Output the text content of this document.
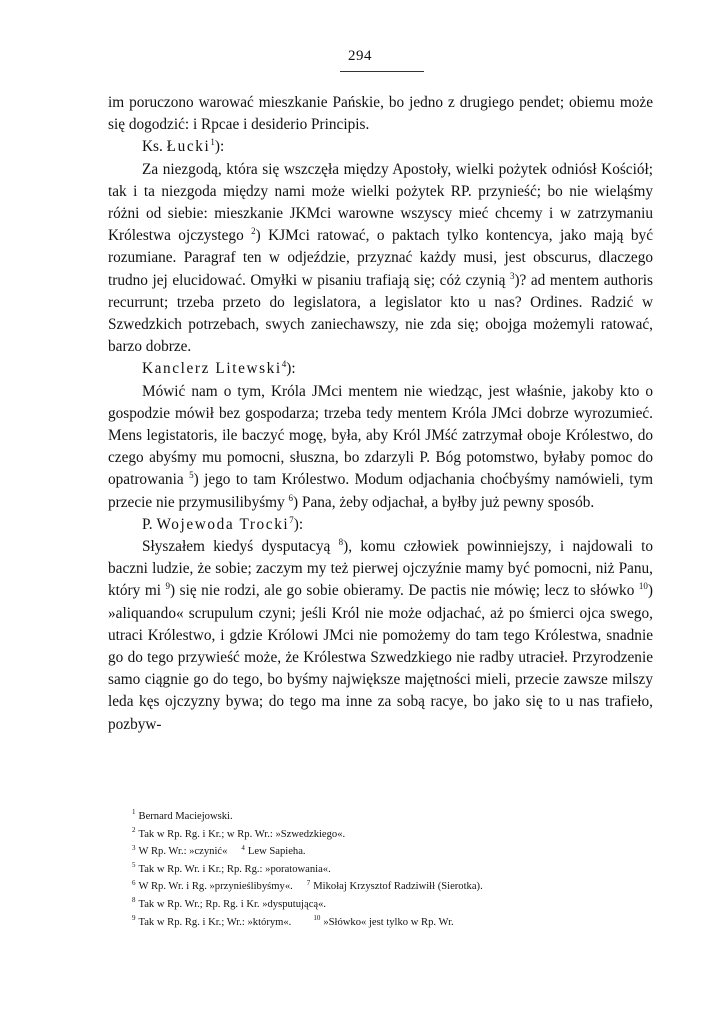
294

im poruczono warować mieszkanie Pańskie, bo jedno z drugiego pendet; obiemu może się dogodzić: i Rpcae i desiderio Principis.

Ks. Łucki$^1$):

Za niezgodą, która się wszczęła między Apostoły, wielki pożytek odniósł Kościół; tak i ta niezgoda między nami może wielki pożytek RP. przynieść; bo nie wieląśmy różni od siebie: mieszkanie JKMci warowne wszyscy mieć chcemy i w zatrzymaniu Królestwa ojczystego $^2$) KJMci ratować, o paktach tylko kontencya, jako mają być rozumiane. Paragraf ten w odjeździe, przyznać każdy musi, jest obscurus, dlaczego trudno jej elucidować. Omyłki w pisaniu trafiają się; cóż czynią $^3$)? ad mentem authoris recurrunt; trzeba przeto do legislatora, a legislator kto u nas? Ordines. Radzić w Szwedzkich potrzebach, swych zaniechawszy, nie zda się; obojga możemyli ratować, barzo dobrze.

Kanclerz Litewski$^4$):

Mówić nam o tym, Króla JMci mentem nie wiedząc, jest właśnie, jakoby kto o gospodzie mówił bez gospodarza; trzeba tedy mentem Króla JMci dobrze wyrozumieć. Mens legistatoris, ile baczyć mogę, była, aby Król JMść zatrzymał oboje Królestwo, do czego abyśmy mu pomocni, słuszna, bo zdarzyli P. Bóg potomstwo, byłaby pomoc do opatrowania $^5$) jego to tam Królestwo. Modum odjachania choćbyśmy namówieli, tym przecie nie przymusilibyśmy $^6$) Pana, żeby odjachał, a byłby już pewny sposób.

P. Wojewoda Trocki$^7$):

Słyszałem kiedyś dysputacyą $^8$), komu człowiek powinniejszy, i najdowali to baczni ludzie, że sobie; zaczym my też pierwej ojczyźnie mamy być pomocni, niż Panu, który mi $^9$) się nie rodzi, ale go sobie obieramy. De pactis nie mówię; lecz to słówko $^{10}$) »aliquando« scrupulum czyni; jeśli Król nie może odjachać, aż po śmierci ojca swego, utraci Królestwo, i gdzie Królowi JMci nie pomożemy do tam tego Królestwa, snadnie go do tego przywieść może, że Królestwa Szwedzkiego nie radby utracieł. Przyrodzenie samo ciągnie go do tego, bo byśmy największe majętności mieli, przecie zawsze milszy leda kęs ojczyzny bywa; do tego ma inne za sobą racye, bo jako się to u nas trafieło, pozbyw-

$^1$ Bernard Maciejowski.
$^2$ Tak w Rp. Rg. i Kr.; w Rp. Wr.: »Szwedzkiego«.
$^3$ W Rp. Wr.: »czynić« $^4$ Lew Sapieha.
$^5$ Tak w Rp. Wr. i Kr.; Rp. Rg.: »poratowania«.
$^6$ W Rp. Wr. i Rg. »przynieślibyśmy«. $^7$ Mikołaj Krzysztof Radziwiłł (Sierotka).
$^8$ Tak w Rp. Wr.; Rp. Rg. i Kr. »dysputującą«.
$^9$ Tak w Rp. Rg. i Kr.; Wr.: »którym«.	$^{10}$ »Słówko« jest tylko w Rp. Wr.
